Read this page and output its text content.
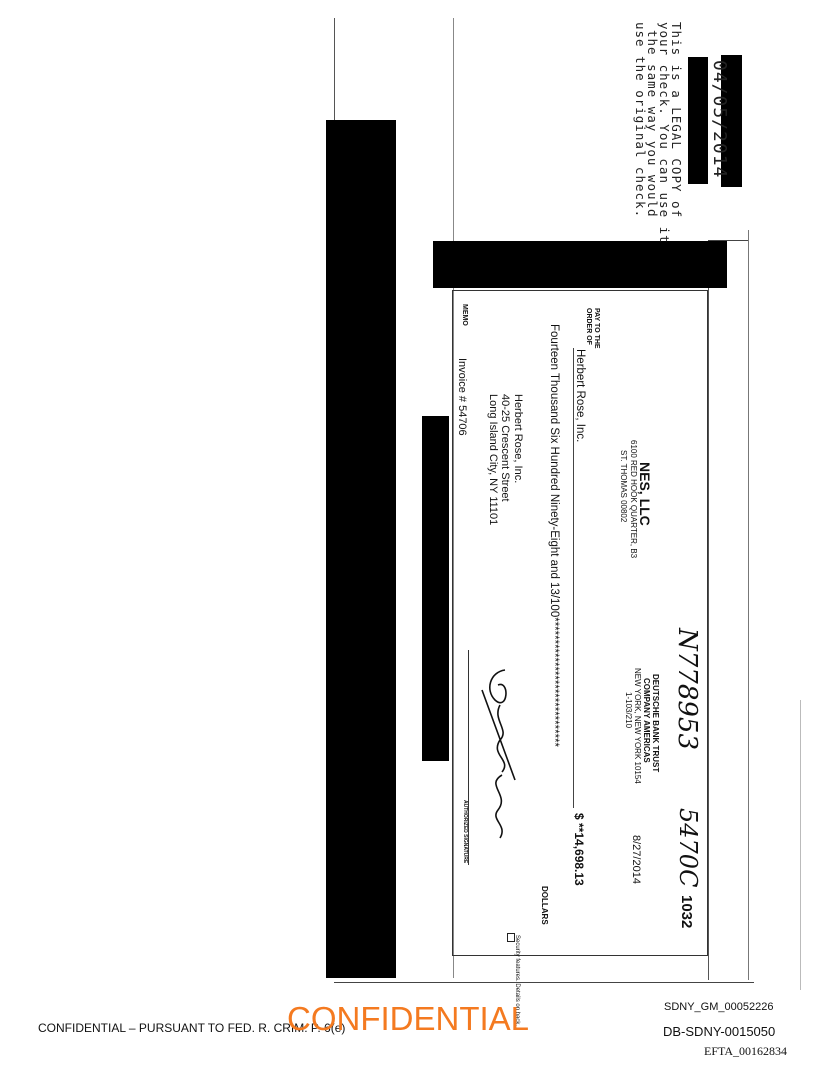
04/05/2014
This is a LEGAL COPY of
your check. You can use it
the same way you would
use the original check.
NES, LLC
6100 RED HOOK QUARTER, B3
ST. THOMAS 00802
DEUTSCHE BANK TRUST
COMPANY AMERICAS
NEW YORK, NEW YORK 10154
1-103/210 N778953
5470C
1032
8/27/2014
PAY TO THE
ORDER OF
Herbert Rose, Inc.
$ **14,698.13
Fourteen Thousand Six Hundred Ninety-Eight and 13/100*****************************
DOLLARS
Herbert Rose, Inc.
40-25 Crescent Street
Long Island City, NY 11101
MEMO
Invoice # 54706
AUTHORIZED SIGNATURE
Security features. Details on back.
CONFIDENTIAL – PURSUANT TO FED. R. CRIM. P. 6(e)
CONFIDENTIAL	SDNY_GM_00052226
DB-SDNY-0015050
EFTA_00162834
